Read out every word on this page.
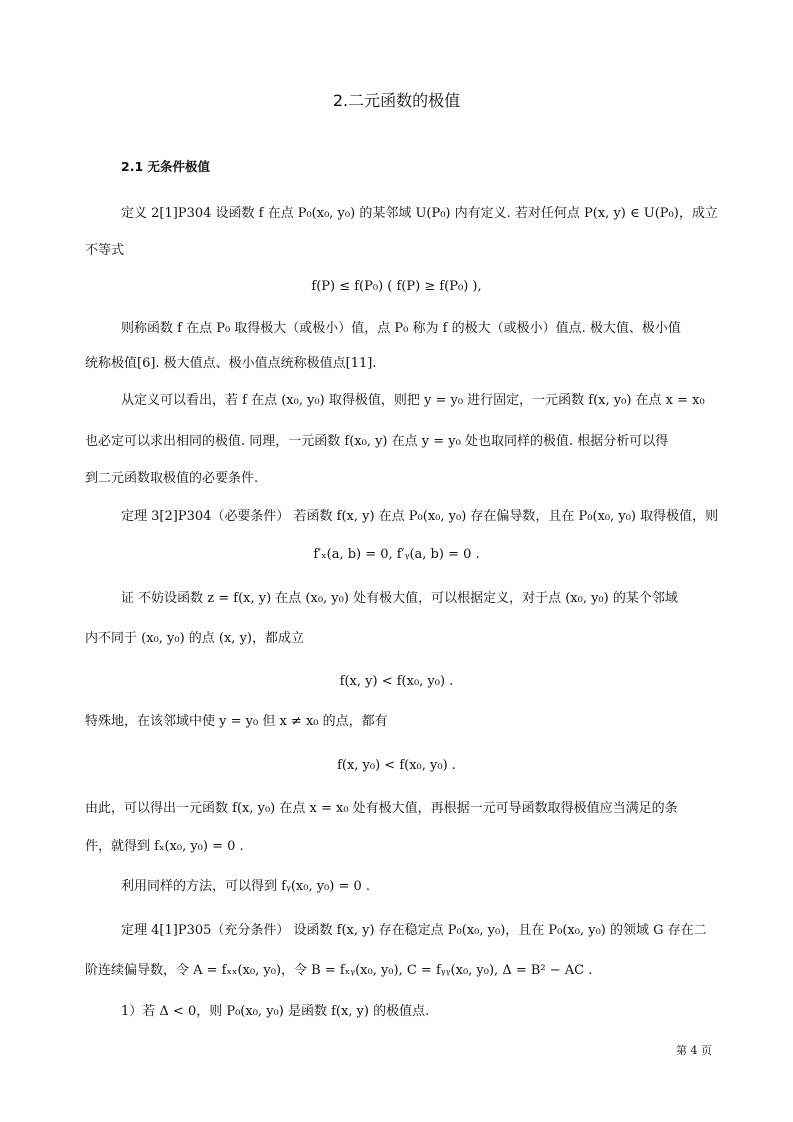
2.二元函数的极值
2.1 无条件极值
定义 2[1]P304 设函数 f 在点 P₀(x₀, y₀) 的某邻域 U(P₀) 内有定义. 若对任何点 P(x, y) ∈ U(P₀)，成立
不等式
f(P) ≤ f(P₀) ( f(P) ≥ f(P₀) ),
则称函数 f 在点 P₀ 取得极大（或极小）值，点 P₀ 称为 f 的极大（或极小）值点. 极大值、极小值
统称极值[6]. 极大值点、极小值点统称极值点[11].
从定义可以看出，若 f 在点 (x₀, y₀) 取得极值，则把 y = y₀ 进行固定，一元函数 f(x, y₀) 在点 x = x₀
也必定可以求出相同的极值. 同理，一元函数 f(x₀, y) 在点 y = y₀ 处也取同样的极值. 根据分析可以得
到二元函数取极值的必要条件.
定理 3[2]P304（必要条件） 若函数 f(x, y) 在点 P₀(x₀, y₀) 存在偏导数，且在 P₀(x₀, y₀) 取得极值，则
f′ₓ(a, b) = 0, f′ᵧ(a, b) = 0 .
证 不妨设函数 z = f(x, y) 在点 (x₀, y₀) 处有极大值，可以根据定义，对于点 (x₀, y₀) 的某个邻域
内不同于 (x₀, y₀) 的点 (x, y)，都成立
f(x, y) < f(x₀, y₀) .
特殊地，在该邻域中使 y = y₀ 但 x ≠ x₀ 的点，都有
f(x, y₀) < f(x₀, y₀) .
由此，可以得出一元函数 f(x, y₀) 在点 x = x₀ 处有极大值，再根据一元可导函数取得极值应当满足的条
件，就得到 fₓ(x₀, y₀) = 0 .
利用同样的方法，可以得到 fᵧ(x₀, y₀) = 0 .
定理 4[1]P305（充分条件） 设函数 f(x, y) 存在稳定点 P₀(x₀, y₀)，且在 P₀(x₀, y₀) 的领域 G 存在二
阶连续偏导数，令 A = fₓₓ(x₀, y₀)，令 B = fₓᵧ(x₀, y₀), C = fᵧᵧ(x₀, y₀), Δ = B² − AC .
1）若 Δ < 0，则 P₀(x₀, y₀) 是函数 f(x, y) 的极值点.
第 4 页
